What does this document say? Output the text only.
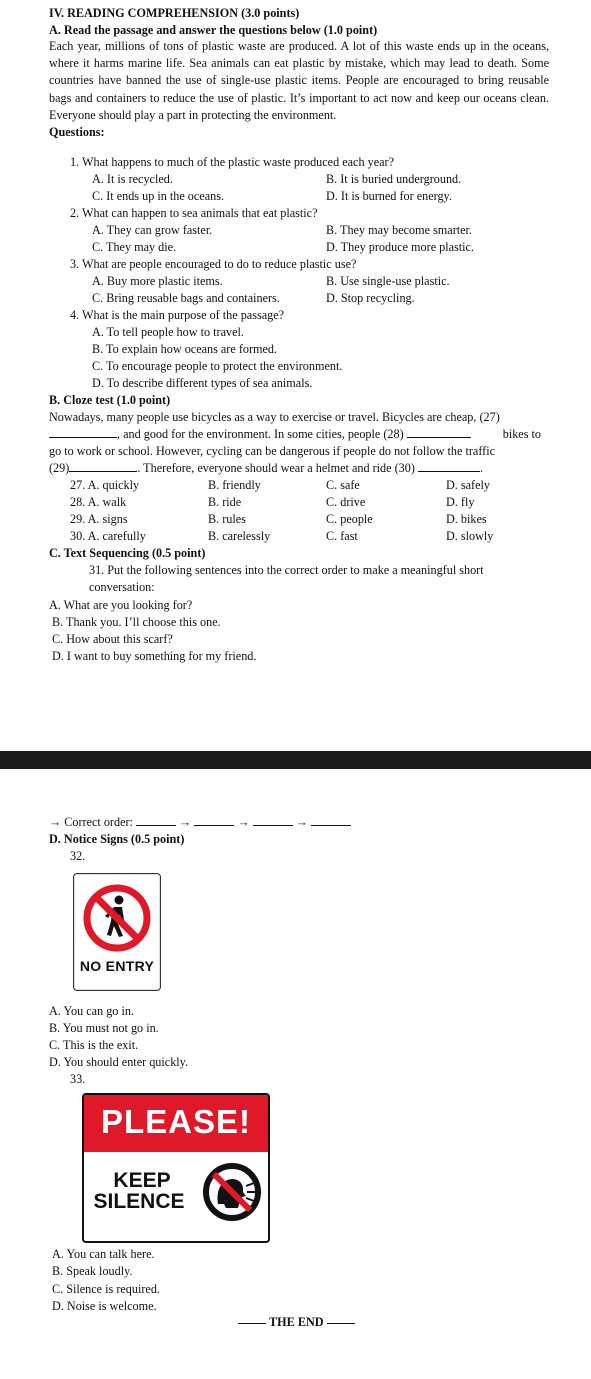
IV. READING COMPREHENSION (3.0 points)
A. Read the passage and answer the questions below (1.0 point)
Each year, millions of tons of plastic waste are produced. A lot of this waste ends up in the oceans, where it harms marine life. Sea animals can eat plastic by mistake, which may lead to death. Some countries have banned the use of single-use plastic items. People are encouraged to bring reusable bags and containers to reduce the use of plastic. It’s important to act now and keep our oceans clean. Everyone should play a part in protecting the environment.
Questions:
1. What happens to much of the plastic waste produced each year?
A. It is recycled.	B. It is buried underground.
C. It ends up in the oceans.	D. It is burned for energy.
2. What can happen to sea animals that eat plastic?
A. They can grow faster.	B. They may become smarter.
C. They may die.	D. They produce more plastic.
3. What are people encouraged to do to reduce plastic use?
A. Buy more plastic items.	B. Use single-use plastic.
C. Bring reusable bags and containers.	D. Stop recycling.
4. What is the main purpose of the passage?
A. To tell people how to travel.
B. To explain how oceans are formed.
C. To encourage people to protect the environment.
D. To describe different types of sea animals.
B. Cloze test (1.0 point)
Nowadays, many people use bicycles as a way to exercise or travel. Bicycles are cheap, (27)
, and good for the environment. In some cities, people (28)	bikes to
go to work or school. However, cycling can be dangerous if people do not follow the traffic
(29)	. Therefore, everyone should wear a helmet and ride (30)	.
27. A. quickly	B. friendly	C. safe	D. safely
28. A. walk	B. ride	C. drive	D. fly
29. A. signs	B. rules	C. people	D. bikes
30. A. carefully	B. carelessly	C. fast	D. slowly
C. Text Sequencing (0.5 point)
31. Put the following sentences into the correct order to make a meaningful short
conversation:
A. What are you looking for?
B. Thank you. I’ll choose this one.
C. How about this scarf?
D. I want to buy something for my friend.
→ Correct order:	→	→	→
D. Notice Signs (0.5 point)
32.
NO ENTRY
A. You can go in.
B. You must not go in.
C. This is the exit.
D. You should enter quickly.
33.
PLEASE!
KEEP
SILENCE
A. You can talk here.
B. Speak loudly.
C. Silence is required.
D. Noise is welcome.
THE END
